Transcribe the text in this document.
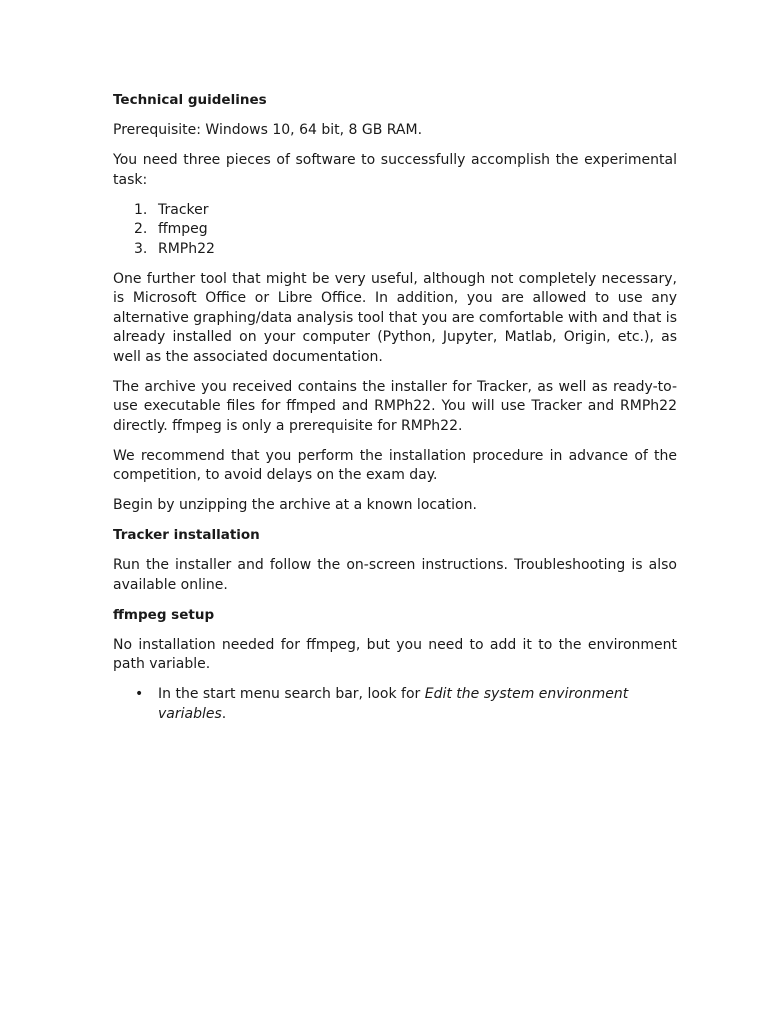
Technical guidelines

Prerequisite: Windows 10, 64 bit, 8 GB RAM.

You need three pieces of software to successfully accomplish the experimental task:

1. Tracker
2. ffmpeg
3. RMPh22

One further tool that might be very useful, although not completely necessary, is Microsoft Office or Libre Office. In addition, you are allowed to use any alternative graphing/data analysis tool that you are comfortable with and that is already installed on your computer (Python, Jupyter, Matlab, Origin, etc.), as well as the associated documentation.

The archive you received contains the installer for Tracker, as well as ready-to-use executable files for ffmped and RMPh22. You will use Tracker and RMPh22 directly. ffmpeg is only a prerequisite for RMPh22.

We recommend that you perform the installation procedure in advance of the competition, to avoid delays on the exam day.

Begin by unzipping the archive at a known location.

Tracker installation

Run the installer and follow the on-screen instructions. Troubleshooting is also available online.

ffmpeg setup

No installation needed for ffmpeg, but you need to add it to the environment path variable.

• In the start menu search bar, look for Edit the system environment variables.
